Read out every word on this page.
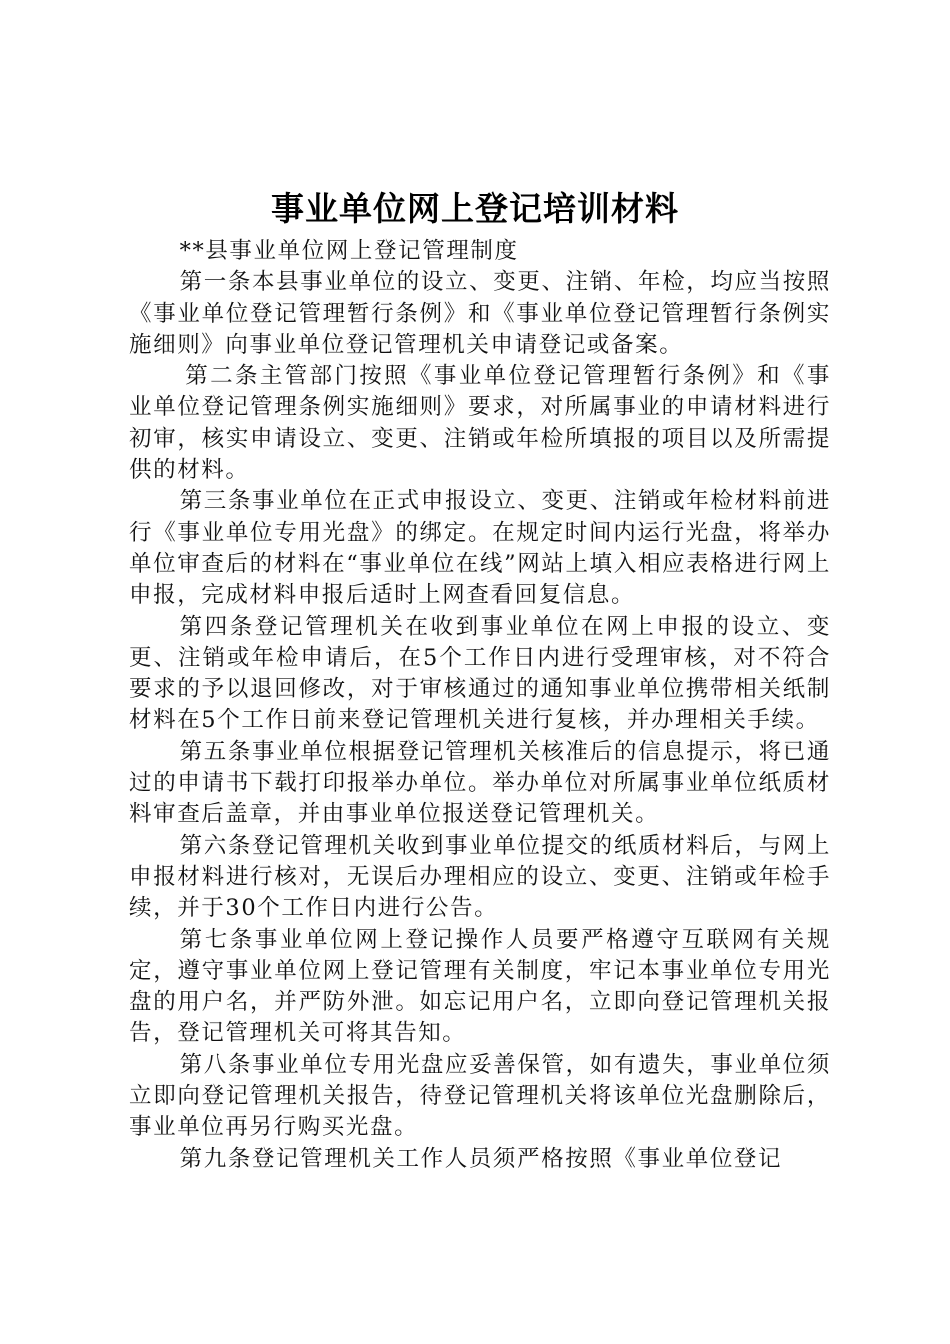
事业单位网上登记培训材料

**县事业单位网上登记管理制度

第一条本县事业单位的设立、变更、注销、年检，均应当按照《事业单位登记管理暂行条例》和《事业单位登记管理暂行条例实施细则》向事业单位登记管理机关申请登记或备案。

第二条主管部门按照《事业单位登记管理暂行条例》和《事业单位登记管理条例实施细则》要求，对所属事业的申请材料进行初审，核实申请设立、变更、注销或年检所填报的项目以及所需提供的材料。

第三条事业单位在正式申报设立、变更、注销或年检材料前进行《事业单位专用光盘》的绑定。在规定时间内运行光盘，将举办单位审查后的材料在“事业单位在线”网站上填入相应表格进行网上申报，完成材料申报后适时上网查看回复信息。

第四条登记管理机关在收到事业单位在网上申报的设立、变更、注销或年检申请后，在5个工作日内进行受理审核，对不符合要求的予以退回修改，对于审核通过的通知事业单位携带相关纸制材料在5个工作日前来登记管理机关进行复核，并办理相关手续。

第五条事业单位根据登记管理机关核准后的信息提示，将已通过的申请书下载打印报举办单位。举办单位对所属事业单位纸质材料审查后盖章，并由事业单位报送登记管理机关。

第六条登记管理机关收到事业单位提交的纸质材料后，与网上申报材料进行核对，无误后办理相应的设立、变更、注销或年检手续，并于30个工作日内进行公告。

第七条事业单位网上登记操作人员要严格遵守互联网有关规定，遵守事业单位网上登记管理有关制度，牢记本事业单位专用光盘的用户名，并严防外泄。如忘记用户名，立即向登记管理机关报告，登记管理机关可将其告知。

第八条事业单位专用光盘应妥善保管，如有遗失，事业单位须立即向登记管理机关报告，待登记管理机关将该单位光盘删除后，事业单位再另行购买光盘。

第九条登记管理机关工作人员须严格按照《事业单位登记
